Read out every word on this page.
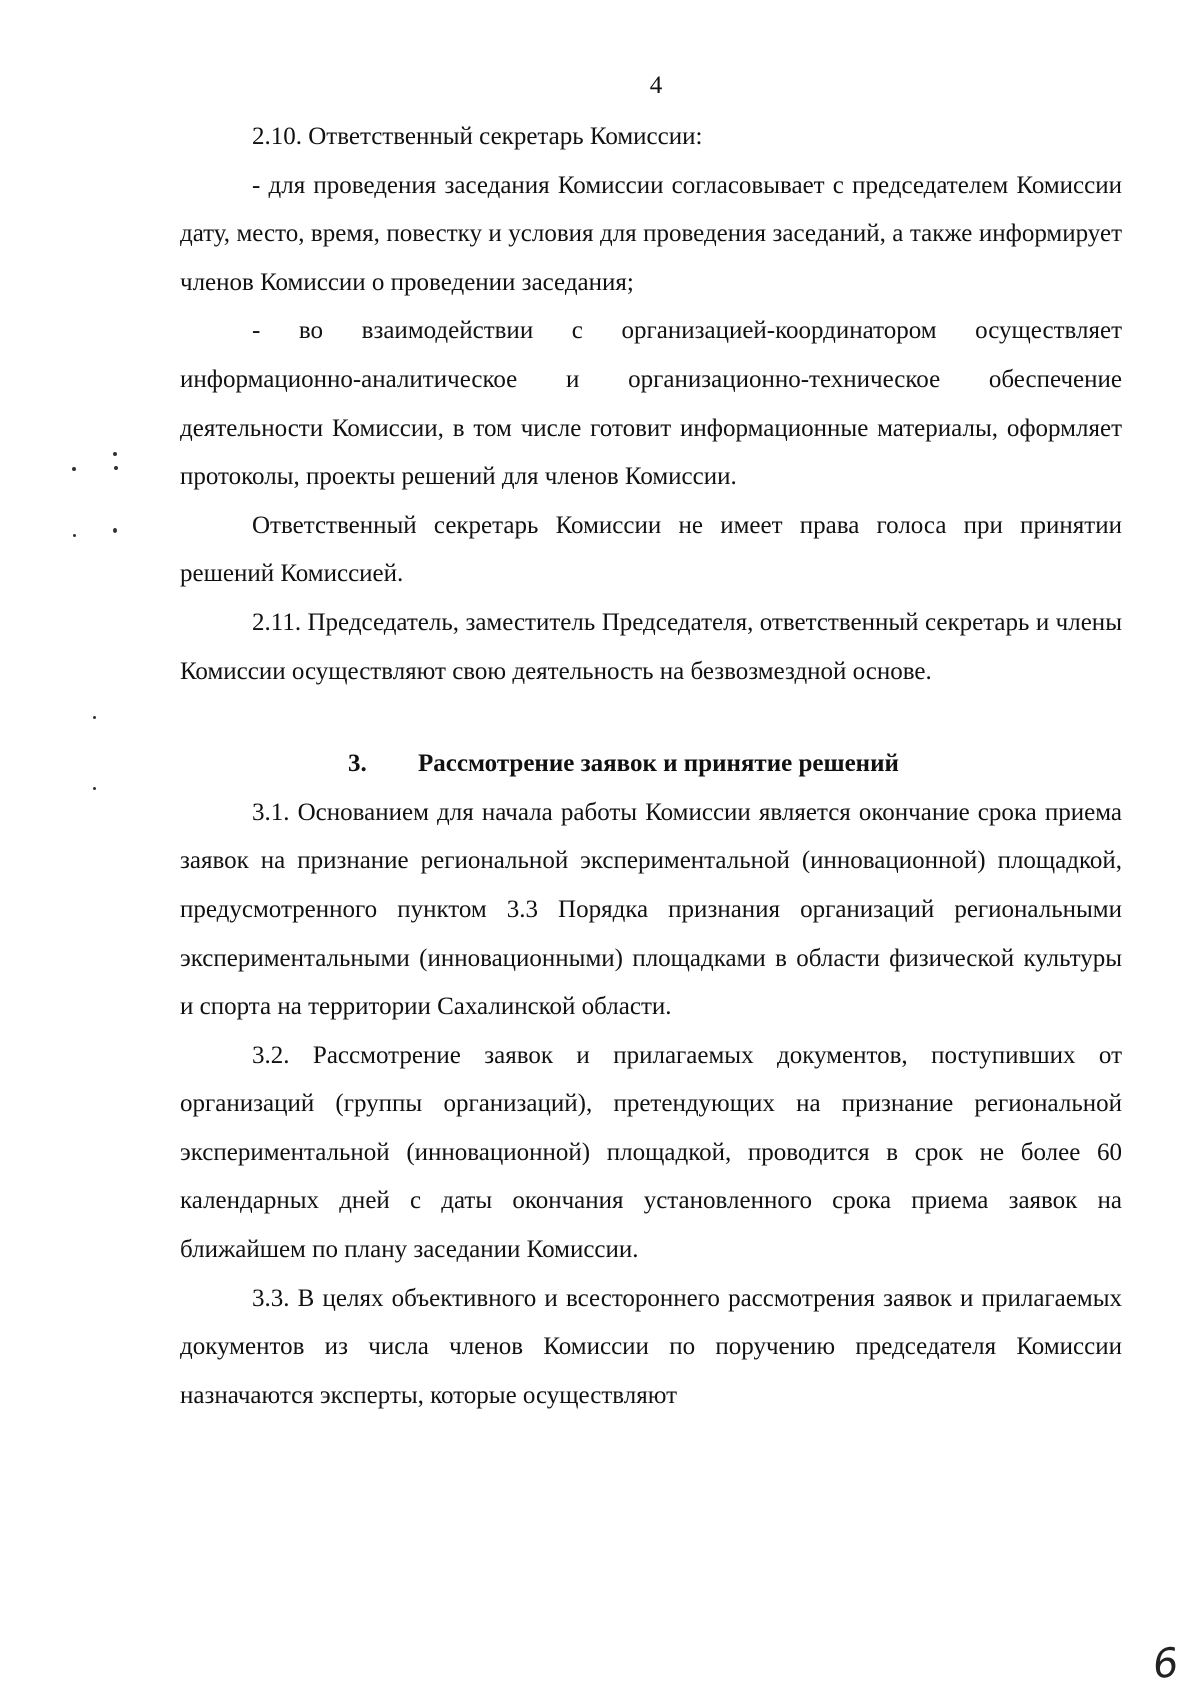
4

2.10. Ответственный секретарь Комиссии:

- для проведения заседания Комиссии согласовывает с председателем Комиссии дату, место, время, повестку и условия для проведения заседаний, а также информирует членов Комиссии о проведении заседания;

- во взаимодействии с организацией-координатором осуществляет информационно-аналитическое и организационно-техническое обеспечение деятельности Комиссии, в том числе готовит информационные материалы, оформляет протоколы, проекты решений для членов Комиссии.

Ответственный секретарь Комиссии не имеет права голоса при принятии решений Комиссией.

2.11. Председатель, заместитель Председателя, ответственный секретарь и члены Комиссии осуществляют свою деятельность на безвозмездной основе.

3. Рассмотрение заявок и принятие решений

3.1. Основанием для начала работы Комиссии является окончание срока приема заявок на признание региональной экспериментальной (инновационной) площадкой, предусмотренного пунктом 3.3 Порядка признания организаций региональными экспериментальными (инновационными) площадками в области физической культуры и спорта на территории Сахалинской области.

3.2. Рассмотрение заявок и прилагаемых документов, поступивших от организаций (группы организаций), претендующих на признание региональной экспериментальной (инновационной) площадкой, проводится в срок не более 60 календарных дней с даты окончания установленного срока приема заявок на ближайшем по плану заседании Комиссии.

3.3. В целях объективного и всестороннего рассмотрения заявок и прилагаемых документов из числа членов Комиссии по поручению председателя Комиссии назначаются эксперты, которые осуществляют

6
